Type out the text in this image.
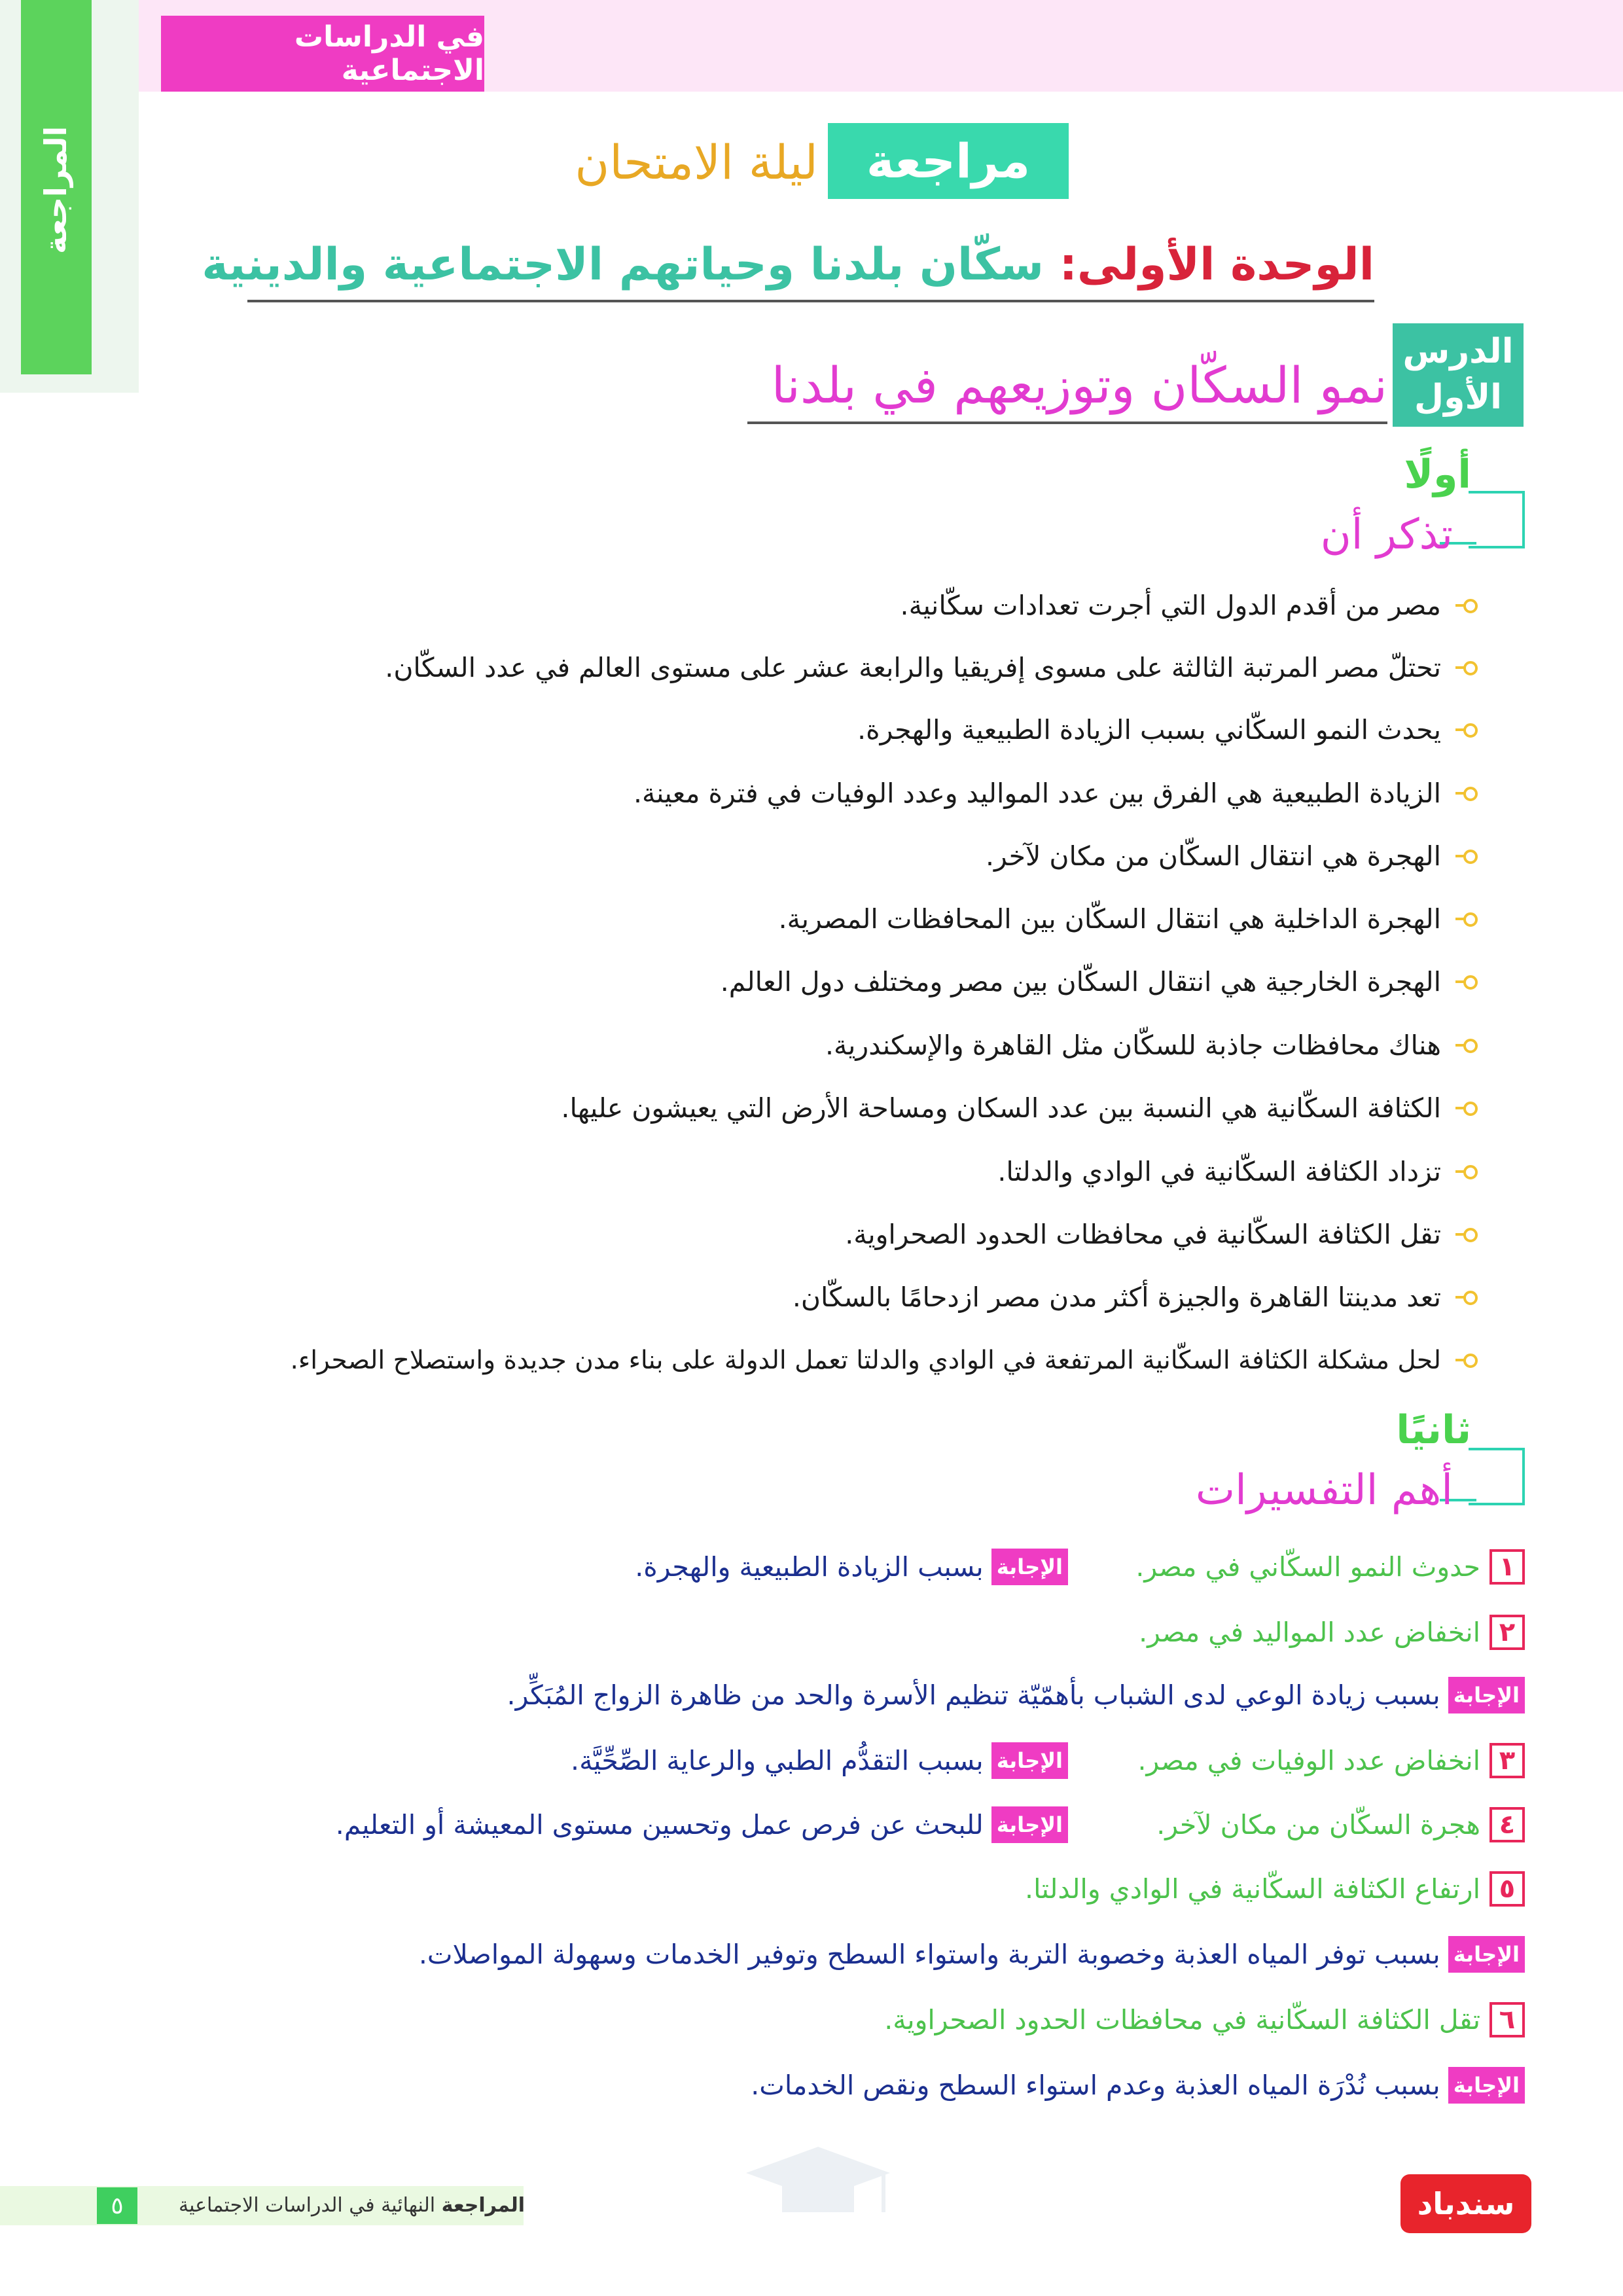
في الدراسات الاجتماعية
المراجعة	مراجعة
ليلة الامتحان
الوحدة الأولى: سكّان بلدنا وحياتهم الاجتماعية والدينية
الدرس
الأول
نمو السكّان وتوزيعهم في بلدنا
أولًا
تذكر أن
مصر من أقدم الدول التي أجرت تعدادات سكّانية.
تحتلّ مصر المرتبة الثالثة على مسوى إفريقيا والرابعة عشر على مستوى العالم في عدد السكّان.
يحدث النمو السكّاني بسبب الزيادة الطبيعية والهجرة.
الزيادة الطبيعية هي الفرق بين عدد المواليد وعدد الوفيات في فترة معينة.
الهجرة هي انتقال السكّان من مكان لآخر.
الهجرة الداخلية هي انتقال السكّان بين المحافظات المصرية.
الهجرة الخارجية هي انتقال السكّان بين مصر ومختلف دول العالم.
هناك محافظات جاذبة للسكّان مثل القاهرة والإسكندرية.
الكثافة السكّانية هي النسبة بين عدد السكان ومساحة الأرض التي يعيشون عليها.
تزداد الكثافة السكّانية في الوادي والدلتا.
تقل الكثافة السكّانية في محافظات الحدود الصحراوية.
تعد مدينتا القاهرة والجيزة أكثر مدن مصر ازدحامًا بالسكّان.
لحل مشكلة الكثافة السكّانية المرتفعة في الوادي والدلتا تعمل الدولة على بناء مدن جديدة واستصلاح الصحراء.
ثانيًا
أهم التفسيرات
١
حدوث النمو السكّاني في مصر.
الإجابة
بسبب الزيادة الطبيعية والهجرة.
٢
انخفاض عدد المواليد في مصر.
الإجابة
بسبب زيادة الوعي لدى الشباب بأهمّيّة تنظيم الأسرة والحد من ظاهرة الزواج المُبَكِّر.
٣
انخفاض عدد الوفيات في مصر.
الإجابة
بسبب التقدُّم الطبي والرعاية الصِّحِّيَّة.
٤
هجرة السكّان من مكان لآخر.
الإجابة
للبحث عن فرص عمل وتحسين مستوى المعيشة أو التعليم.
٥
ارتفاع الكثافة السكّانية في الوادي والدلتا.
الإجابة
بسبب توفر المياه العذبة وخصوبة التربة واستواء السطح وتوفير الخدمات وسهولة المواصلات.
٦
تقل الكثافة السكّانية في محافظات الحدود الصحراوية.
الإجابة
بسبب نُدْرَة المياه العذبة وعدم استواء السطح ونقص الخدمات.
٥	المراجعة النهائية في الدراسات الاجتماعية	سندباد
